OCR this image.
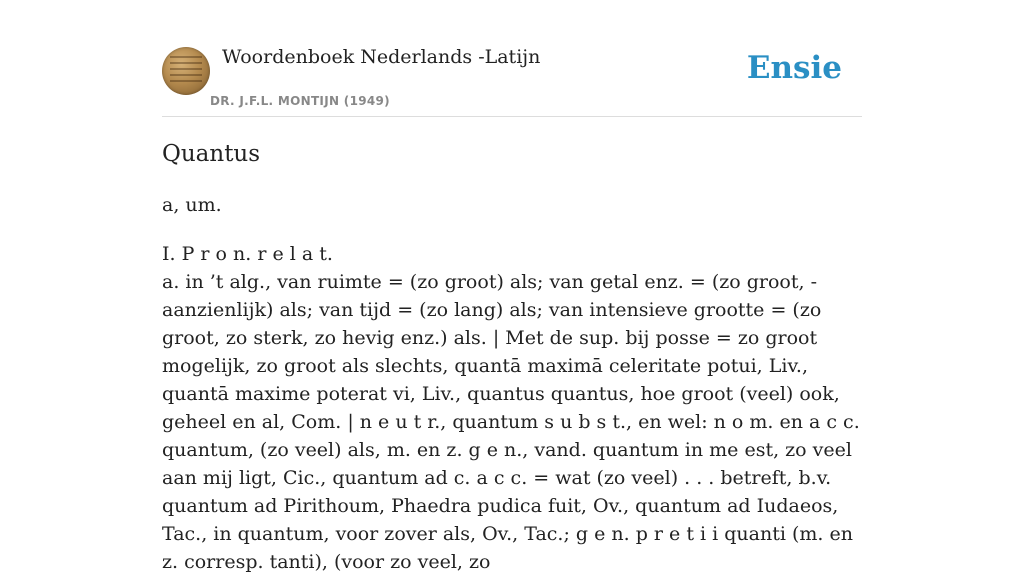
Woordenboek Nederlands -Latijn
DR. J.F.L. MONTIJN (1949)
Ensie
Quantus

a, um.

I. P r o n. r e l a t.
a. in ’t alg., van ruimte = (zo groot) als; van getal enz. = (zo groot, - aanzienlijk) als; van tijd = (zo lang) als; van intensieve grootte = (zo groot, zo sterk, zo hevig enz.) als. | Met de sup. bij posse = zo groot mogelijk, zo groot als slechts, quantā maximā celeritate potui, Liv., quantā maxime poterat vi, Liv., quantus quantus, hoe groot (veel) ook, geheel en al, Com. | n e u t r., quantum s u b s t., en wel: n o m. en a c c. quantum, (zo veel) als, m. en z. g e n., vand. quantum in me est, zo veel aan mij ligt, Cic., quantum ad c. a c c. = wat (zo veel) . . . betreft, b.v. quantum ad Pirithoum, Phaedra pudica fuit, Ov., quantum ad Iudaeos, Tac., in quantum, voor zover als, Ov., Tac.; g e n. p r e t i i quanti (m. en z. corresp. tanti), (voor zo veel, zo
